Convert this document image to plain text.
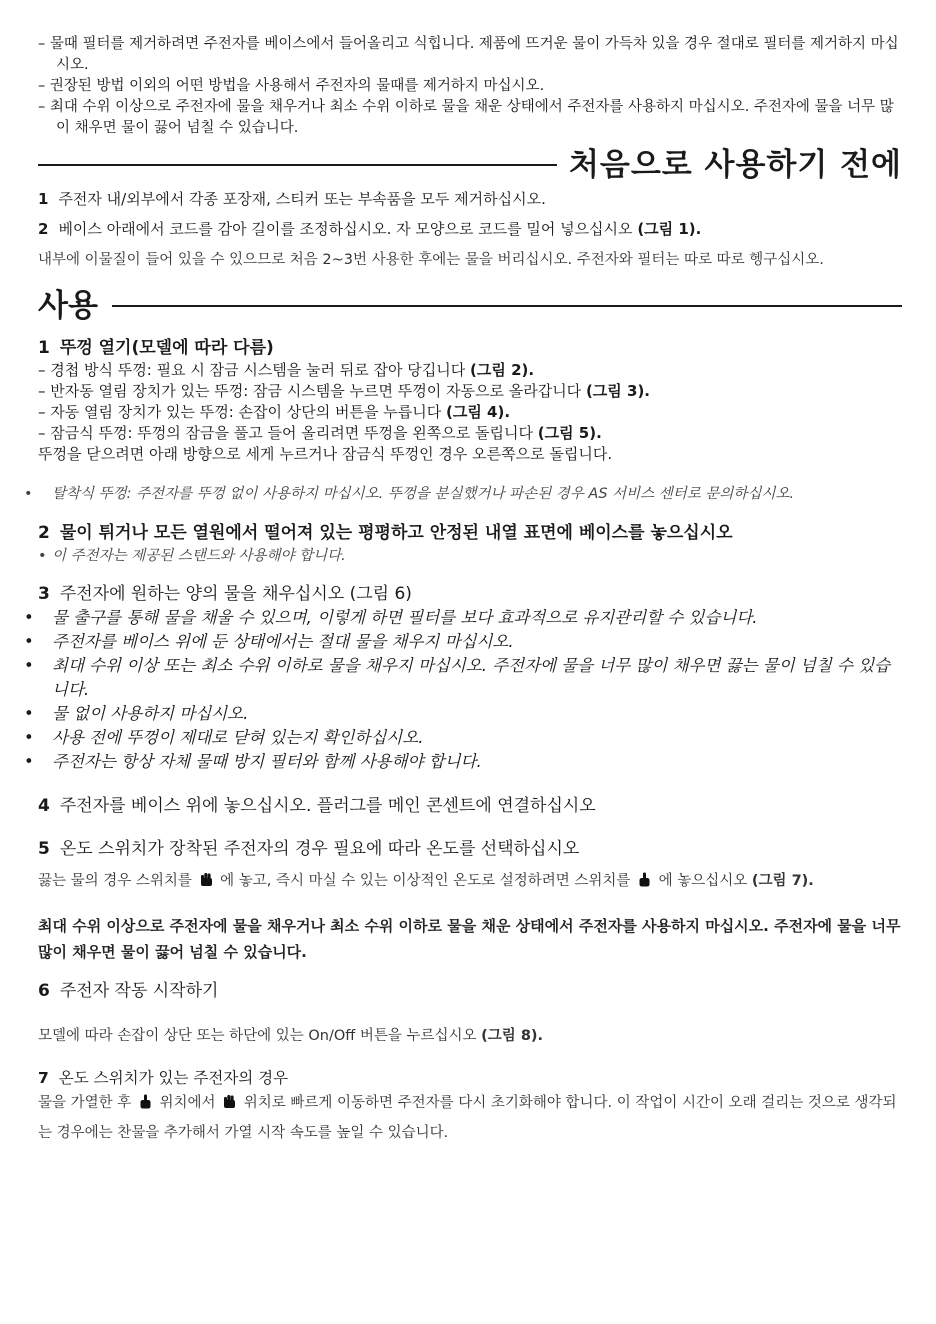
– 물때 필터를 제거하려면 주전자를 베이스에서 들어올리고 식힙니다. 제품에 뜨거운 물이 가득차 있을 경우 절대로 필터를 제거하지 마십시오.

– 권장된 방법 이외의 어떤 방법을 사용해서 주전자의 물때를 제거하지 마십시오.

– 최대 수위 이상으로 주전자에 물을 채우거나 최소 수위 이하로 물을 채운 상태에서 주전자를 사용하지 마십시오. 주전자에 물을 너무 많이 채우면 물이 끓어 넘칠 수 있습니다.

처음으로 사용하기 전에

1 주전자 내/외부에서 각종 포장재, 스티커 또는 부속품을 모두 제거하십시오.

2 베이스 아래에서 코드를 감아 길이를 조정하십시오. 자 모양으로 코드를 밀어 넣으십시오 (그림 1).

내부에 이물질이 들어 있을 수 있으므로 처음 2~3번 사용한 후에는 물을 버리십시오. 주전자와 필터는 따로 따로 헹구십시오.

사용

1 뚜껑 열기(모델에 따라 다름)

– 경첩 방식 뚜껑: 필요 시 잠금 시스템을 눌러 뒤로 잡아 당깁니다 (그림 2).

– 반자동 열림 장치가 있는 뚜껑: 잠금 시스템을 누르면 뚜껑이 자동으로 올라갑니다 (그림 3).

– 자동 열림 장치가 있는 뚜껑: 손잡이 상단의 버튼을 누릅니다 (그림 4).

– 잠금식 뚜껑: 뚜껑의 잠금을 풀고 들어 올리려면 뚜껑을 왼쪽으로 돌립니다 (그림 5).

뚜껑을 닫으려면 아래 방향으로 세게 누르거나 잠금식 뚜껑인 경우 오른쪽으로 돌립니다.

• 탈착식 뚜껑: 주전자를 뚜껑 없이 사용하지 마십시오. 뚜껑을 분실했거나 파손된 경우 AS 서비스 센터로 문의하십시오.

2 물이 튀거나 모든 열원에서 떨어져 있는 평평하고 안정된 내열 표면에 베이스를 놓으십시오

• 이 주전자는 제공된 스탠드와 사용해야 합니다.

3 주전자에 원하는 양의 물을 채우십시오 (그림 6)

• 물 출구를 통해 물을 채울 수 있으며, 이렇게 하면 필터를 보다 효과적으로 유지관리할 수 있습니다.

• 주전자를 베이스 위에 둔 상태에서는 절대 물을 채우지 마십시오.

• 최대 수위 이상 또는 최소 수위 이하로 물을 채우지 마십시오. 주전자에 물을 너무 많이 채우면 끓는 물이 넘칠 수 있습니다.

• 물 없이 사용하지 마십시오.

• 사용 전에 뚜껑이 제대로 닫혀 있는지 확인하십시오.

• 주전자는 항상 자체 물때 방지 필터와 함께 사용해야 합니다.

4 주전자를 베이스 위에 놓으십시오. 플러그를 메인 콘센트에 연결하십시오

5 온도 스위치가 장착된 주전자의 경우 필요에 따라 온도를 선택하십시오

끓는 물의 경우 스위치를 에 놓고, 즉시 마실 수 있는 이상적인 온도로 설정하려면 스위치를 에 놓으십시오 (그림 7).

최대 수위 이상으로 주전자에 물을 채우거나 최소 수위 이하로 물을 채운 상태에서 주전자를 사용하지 마십시오. 주전자에 물을 너무 많이 채우면 물이 끓어 넘칠 수 있습니다.

6 주전자 작동 시작하기

모델에 따라 손잡이 상단 또는 하단에 있는 On/Off 버튼을 누르십시오 (그림 8).

7 온도 스위치가 있는 주전자의 경우

물을 가열한 후 위치에서 위치로 빠르게 이동하면 주전자를 다시 초기화해야 합니다. 이 작업이 시간이 오래 걸리는 것으로 생각되는 경우에는 찬물을 추가해서 가열 시작 속도를 높일 수 있습니다.
